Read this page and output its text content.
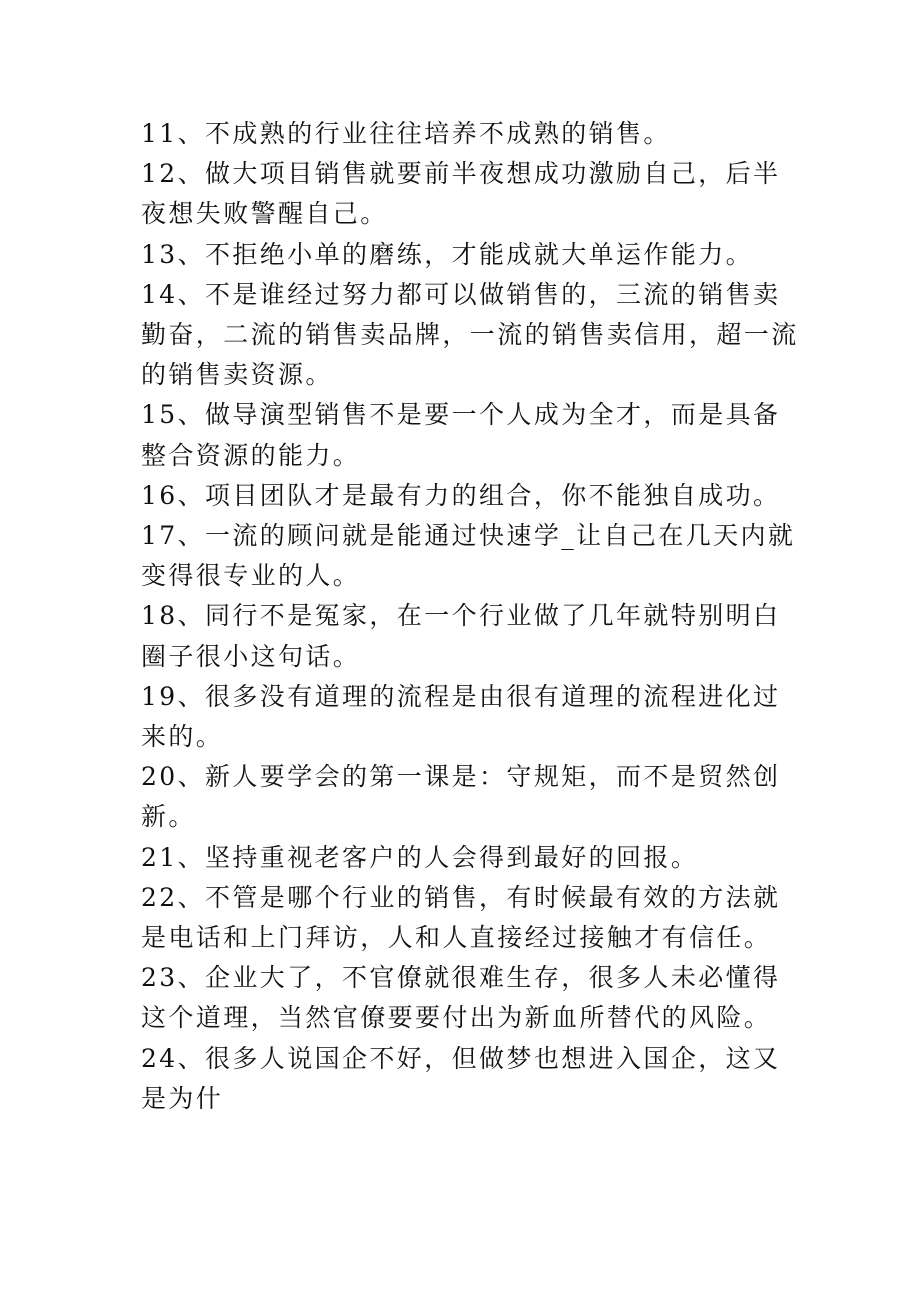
11、不成熟的行业往往培养不成熟的销售。

12、做大项目销售就要前半夜想成功激励自己，后半夜想失败警醒自己。

13、不拒绝小单的磨练，才能成就大单运作能力。

14、不是谁经过努力都可以做销售的，三流的销售卖勤奋，二流的销售卖品牌，一流的销售卖信用，超一流的销售卖资源。

15、做导演型销售不是要一个人成为全才，而是具备整合资源的能力。

16、项目团队才是最有力的组合，你不能独自成功。

17、一流的顾问就是能通过快速学_让自己在几天内就变得很专业的人。

18、同行不是冤家，在一个行业做了几年就特别明白圈子很小这句话。

19、很多没有道理的流程是由很有道理的流程进化过来的。

20、新人要学会的第一课是：守规矩，而不是贸然创新。

21、坚持重视老客户的人会得到最好的回报。

22、不管是哪个行业的销售，有时候最有效的方法就是电话和上门拜访，人和人直接经过接触才有信任。

23、企业大了，不官僚就很难生存，很多人未必懂得这个道理，当然官僚要要付出为新血所替代的风险。

24、很多人说国企不好，但做梦也想进入国企，这又是为什
